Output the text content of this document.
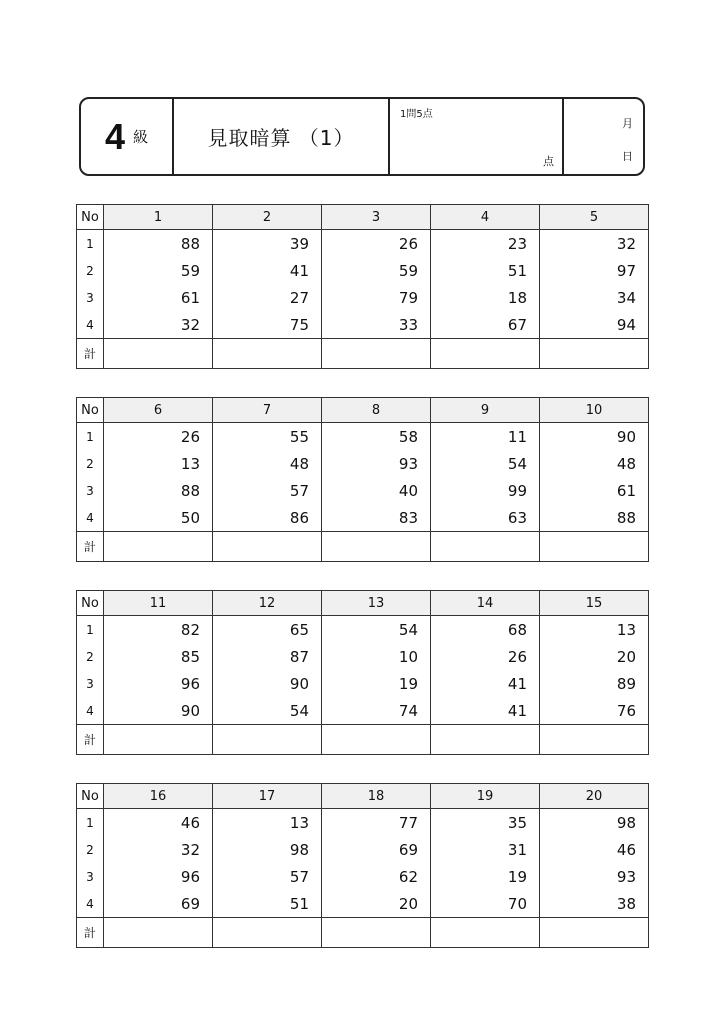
4 級	見取暗算 （1）
1問5点
点
月
日
No	1	2	3	4	5
1	88	39	26	23	32
2	59	41	59	51	97
3	61	27	79	18	34
4	32	75	33	67	94
計					
No	6	7	8	9	10
1	26	55	58	11	90
2	13	48	93	54	48
3	88	57	40	99	61
4	50	86	83	63	88
計					
No	11	12	13	14	15
1	82	65	54	68	13
2	85	87	10	26	20
3	96	90	19	41	89
4	90	54	74	41	76
計					
No	16	17	18	19	20
1	46	13	77	35	98
2	32	98	69	31	46
3	96	57	62	19	93
4	69	51	20	70	38
計					
